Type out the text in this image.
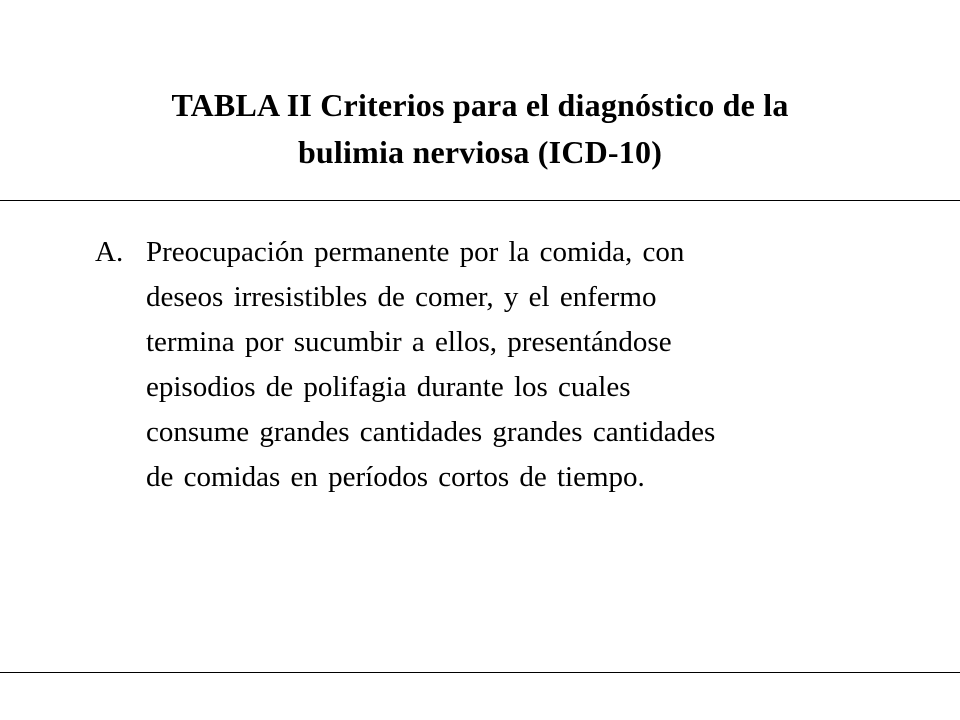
TABLA II Criterios para el diagnóstico de la
bulimia nerviosa (ICD-10)
A. Preocupación permanente por la comida, con
deseos irresistibles de comer, y el enfermo
termina por sucumbir a ellos, presentándose
episodios de polifagia durante los cuales
consume grandes cantidades grandes cantidades
de comidas en períodos cortos de tiempo.
